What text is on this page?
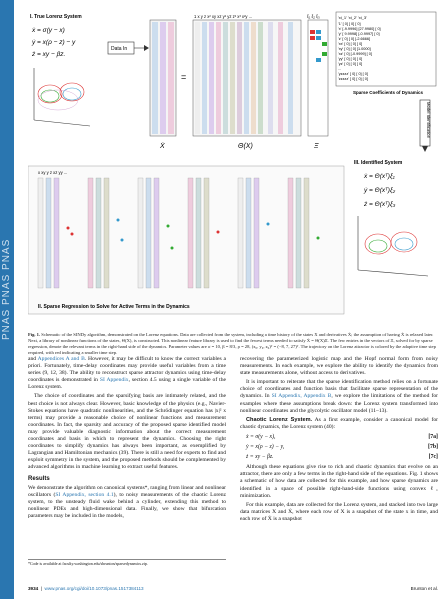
PNAS PNAS PNAS
I. True Lorenz System
ẋ = σ(y − x)
ẏ = x(ρ − z) − y
ż = xy − βz.
Data In
Ẋ
=
1 x y z x² xy xz y² yz z² x³ x²y ...
Θ(X)
ξ₁ ξ₂ ξ₃
Ξ
'xi_1' 'xi_2' 'xi_3'
'1' [ 0] [ 0] [ 0]
'x' [-9.9996] [27.9980] [ 0]
'y' [ 9.9998] [-0.9997] [ 0]
'z' [ 0] [ 0] [-2.6666]
'xx' [ 0] [ 0] [ 0]
'xy' [ 0] [ 0] [1.0000]
'xz' [ 0] [-0.9999] [ 0]
'yy' [ 0] [ 0] [ 0]
'yz' [ 0] [ 0] [ 0]
...
'yzzzz' [ 0] [ 0] [ 0]
'zzzzz' [ 0] [ 0] [ 0]
Sparse Coefficients of Dynamics
Model Identification
III. Identified System
ẋ = Θ(xᵀ)ξ₁
ẏ = Θ(xᵀ)ξ₂
ż = Θ(xᵀ)ξ₃
x xy y z xz yy ...
II. Sparse Regression to Solve for Active Terms in the Dynamics
Fig. 1. Schematic of the SINDy algorithm, demonstrated on the Lorenz equations. Data are collected from the system, including a time history of the states X and derivatives Ẋ; the assumption of having Ẋ is relaxed later. Next, a library of nonlinear functions of the states, Θ(X), is constructed. This nonlinear feature library is used to find the fewest terms needed to satisfy Ẋ = Θ(X)Ξ. The few entries in the vectors of Ξ, solved for by sparse regression, denote the relevant terms in the right-hand side of the dynamics. Parameter values are σ = 10, β = 8/3, ρ = 28, (x₀, y₀, z₀)ᵀ = (−8, 7, 27)ᵀ. The trajectory on the Lorenz attractor is colored by the adaptive time step required, with red indicating a smaller time step.

and Appendices A and B. However, it may be difficult to know the correct variables a priori. Fortunately, time-delay coordinates may provide useful variables from a time series (9, 12, 38). The ability to reconstruct sparse attractor dynamics using time-delay coordinates is demonstrated in SI Appendix, section 4.5 using a single variable of the Lorenz system.

The choice of coordinates and the sparsifying basis are intimately related, and the best choice is not always clear. However, basic knowledge of the physics (e.g., Navier-Stokes equations have quadratic nonlinearities, and the Schrödinger equation has |x|² x terms) may provide a reasonable choice of nonlinear functions and measurement coordinates. In fact, the sparsity and accuracy of the proposed sparse identified model may provide valuable diagnostic information about the correct measurement coordinates and basis in which to represent the dynamics. Choosing the right coordinates to simplify dynamics has always been important, as exemplified by Lagrangian and Hamiltonian mechanics (39). There is still a need for experts to find and exploit symmetry in the system, and the proposed methods should be complemented by advanced algorithms in machine learning to extract useful features.

Results

We demonstrate the algorithm on canonical systems*, ranging from linear and nonlinear oscillators (SI Appendix, section 4.1), to noisy measurements of the chaotic Lorenz system, to the unsteady fluid wake behind a cylinder, extending this method to nonlinear PDEs and high-dimensional data. Finally, we show that bifurcation parameters may be included in the models,

*Code is available at faculty.washington.edu/sbrunton/sparsedynamics.zip.

recovering the parameterized logistic map and the Hopf normal form from noisy measurements. In each example, we explore the ability to identify the dynamics from state measurements alone, without access to derivatives.

It is important to reiterate that the sparse identification method relies on a fortunate choice of coordinates and function basis that facilitate sparse representation of the dynamics. In SI Appendix, Appendix B, we explore the limitations of the method for examples where these assumptions break down: the Lorenz system transformed into nonlinear coordinates and the glycolytic oscillator model (11–13).

Chaotic Lorenz System. As a first example, consider a canonical model for chaotic dynamics, the Lorenz system (40):

ẋ = σ(y − x),	[7a]
ẏ = x(ρ − z) − y,	[7b]
ż = xy − βz.	[7c]

Although these equations give rise to rich and chaotic dynamics that evolve on an attractor, there are only a few terms in the right-hand side of the equations. Fig. 1 shows a schematic of how data are collected for this example, and how sparse dynamics are identified in a space of possible right-hand-side functions using convex ℓ₁ minimization.

For this example, data are collected for the Lorenz system, and stacked into two large data matrices X and Ẋ, where each row of X is a snapshot of the state x in time, and each row of Ẋ is a snapshot

3934  |  www.pnas.org/cgi/doi/10.1073/pnas.1517384113	Brunton et al.
